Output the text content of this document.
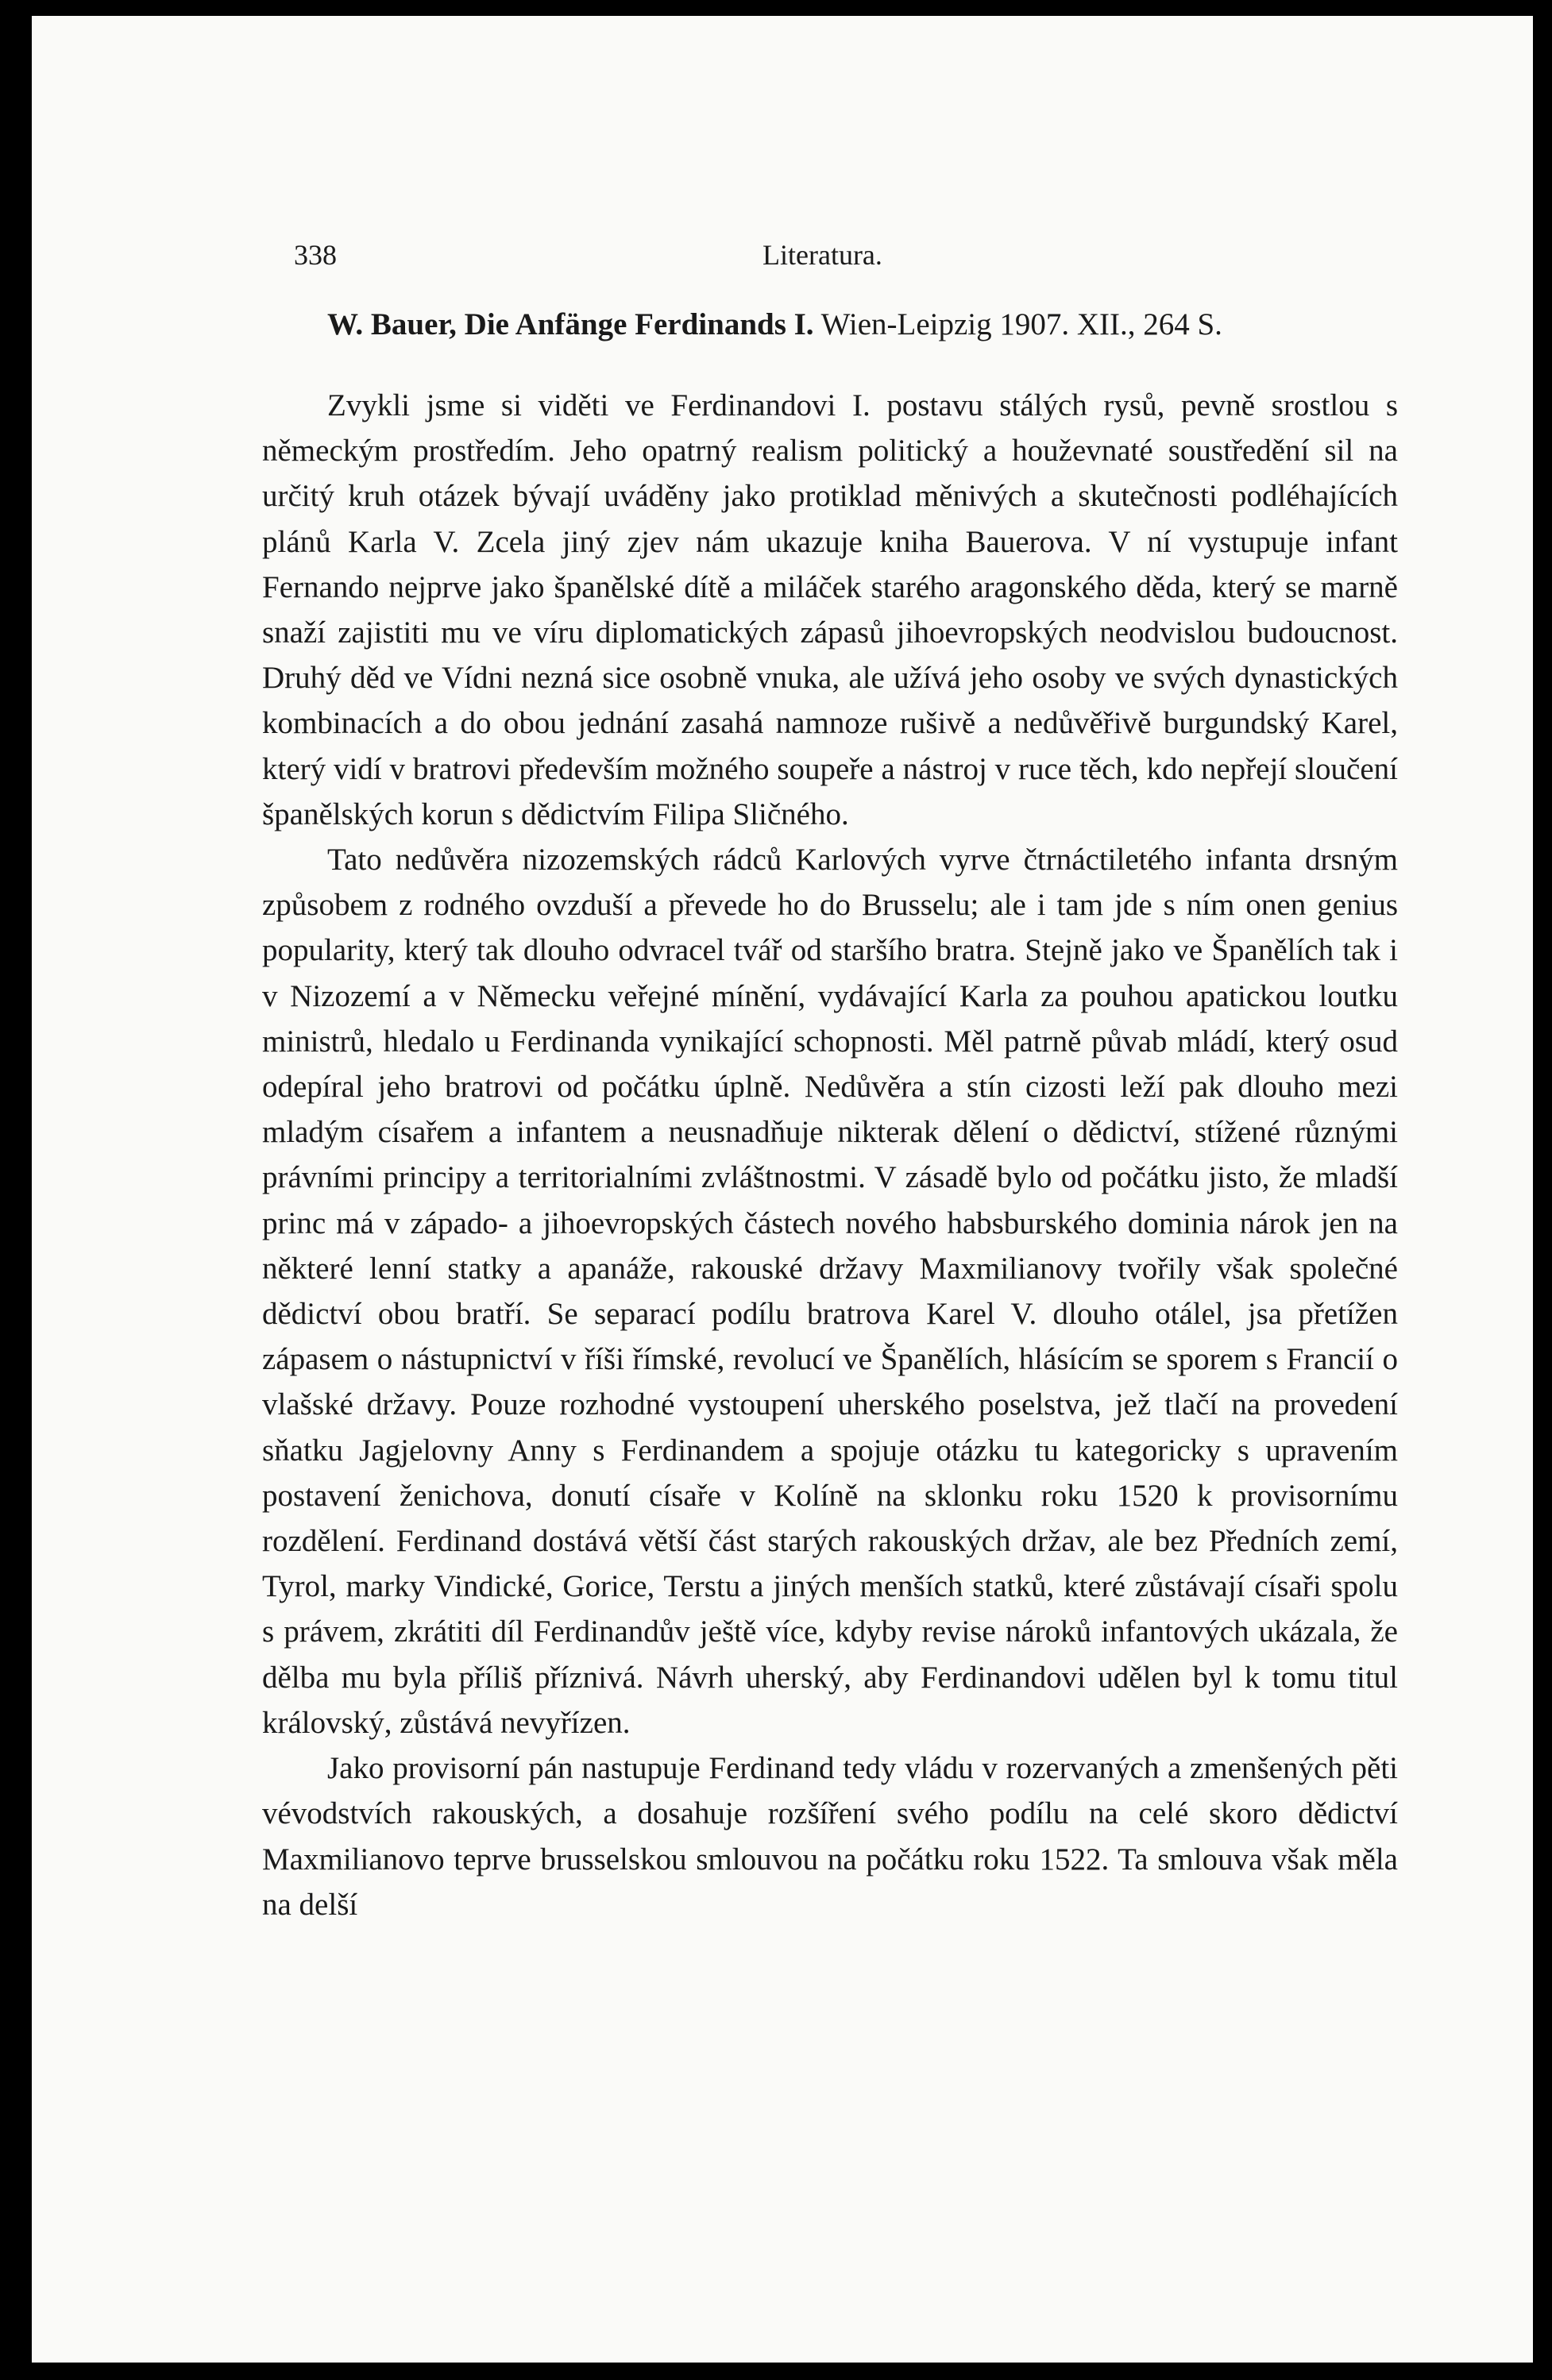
338	Literatura.
W. Bauer, Die Anfänge Ferdinands I. Wien-Leipzig 1907. XII., 264 S.

Zvykli jsme si viděti ve Ferdinandovi I. postavu stálých rysů, pevně srostlou s německým prostředím. Jeho opatrný realism politický a houževnaté soustředění sil na určitý kruh otázek bývají uváděny jako protiklad měnivých a skutečnosti podléhajících plánů Karla V. Zcela jiný zjev nám ukazuje kniha Bauerova. V ní vystupuje infant Fernando nejprve jako španělské dítě a miláček starého aragonského děda, který se marně snaží zajistiti mu ve víru diplomatických zápasů jihoevropských neodvislou budoucnost. Druhý děd ve Vídni nezná sice osobně vnuka, ale užívá jeho osoby ve svých dynastických kombinacích a do obou jednání zasahá namnoze rušivě a nedůvěřivě burgundský Karel, který vidí v bratrovi především možného soupeře a nástroj v ruce těch, kdo nepřejí sloučení španělských korun s dědictvím Filipa Sličného.

Tato nedůvěra nizozemských rádců Karlových vyrve čtrnáctiletého infanta drsným způsobem z rodného ovzduší a převede ho do Brusselu; ale i tam jde s ním onen genius popularity, který tak dlouho odvracel tvář od staršího bratra. Stejně jako ve Španělích tak i v Nizozemí a v Německu veřejné mínění, vydávající Karla za pouhou apatickou loutku ministrů, hledalo u Ferdinanda vynikající schopnosti. Měl patrně půvab mládí, který osud odepíral jeho bratrovi od počátku úplně. Nedůvěra a stín cizosti leží pak dlouho mezi mladým císařem a infantem a neusnadňuje nikterak dělení o dědictví, stížené různými právními principy a territorialními zvláštnostmi. V zásadě bylo od počátku jisto, že mladší princ má v západo- a jihoevropských částech nového habsburského dominia nárok jen na některé lenní statky a apanáže, rakouské državy Maxmilianovy tvořily však společné dědictví obou bratří. Se separací podílu bratrova Karel V. dlouho otálel, jsa přetížen zápasem o nástupnictví v říši římské, revolucí ve Španělích, hlásícím se sporem s Francií o vlašské državy. Pouze rozhodné vystoupení uherského poselstva, jež tlačí na provedení sňatku Jagjelovny Anny s Ferdinandem a spojuje otázku tu kategoricky s upravením postavení ženichova, donutí císaře v Kolíně na sklonku roku 1520 k provisornímu rozdělení. Ferdinand dostává větší část starých rakouských držav, ale bez Předních zemí, Tyrol, marky Vindické, Gorice, Terstu a jiných menších statků, které zůstávají císaři spolu s právem, zkrátiti díl Ferdinandův ještě více, kdyby revise nároků infantových ukázala, že dělba mu byla příliš příznivá. Návrh uherský, aby Ferdinandovi udělen byl k tomu titul královský, zůstává nevyřízen.

Jako provisorní pán nastupuje Ferdinand tedy vládu v rozervaných a zmenšených pěti vévodstvích rakouských, a dosahuje rozšíření svého podílu na celé skoro dědictví Maxmilianovo teprve brusselskou smlouvou na počátku roku 1522. Ta smlouva však měla na delší
